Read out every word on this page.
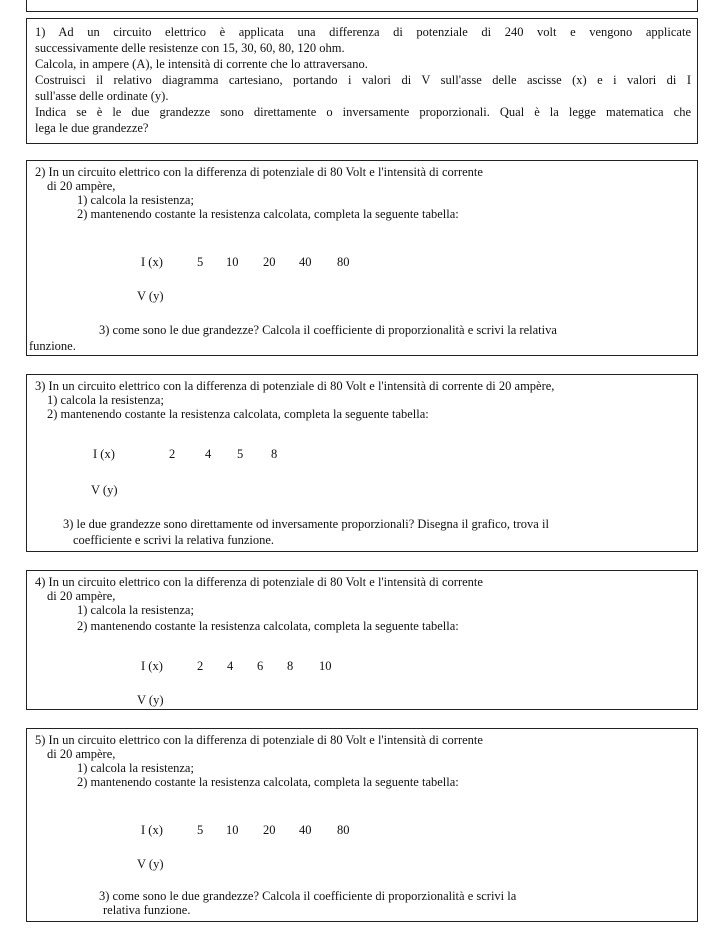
1) Ad un circuito elettrico è applicata una differenza di potenziale di 240 volt e vengono applicate

successivamente delle resistenze con 15, 30, 60, 80, 120 ohm.

Calcola, in ampere (A), le intensità di corrente che lo attraversano.

Costruisci il relativo diagramma cartesiano, portando i valori di V sull'asse delle ascisse (x) e i valori di I

sull'asse delle ordinate (y).

Indica se è le due grandezze sono direttamente o inversamente proporzionali. Qual è la legge matematica che

lega le due grandezze?

2) In un circuito elettrico con la differenza di potenziale di 80 Volt e l'intensità di corrente

di 20 ampère,

1) calcola la resistenza;

2) mantenendo costante la resistenza calcolata, completa la seguente tabella:

I (x)	5 10 20 40 80
V (y)

3) come sono le due grandezze? Calcola il coefficiente di proporzionalità e scrivi la relativa

funzione.

3) In un circuito elettrico con la differenza di potenziale di 80 Volt e l'intensità di corrente di 20 ampère,

1) calcola la resistenza;

2) mantenendo costante la resistenza calcolata, completa la seguente tabella:

I (x)	2 4 5 8
V (y)

3) le due grandezze sono direttamente od inversamente proporzionali? Disegna il grafico, trova il

coefficiente e scrivi la relativa funzione.

4) In un circuito elettrico con la differenza di potenziale di 80 Volt e l'intensità di corrente

di 20 ampère,

1) calcola la resistenza;

2) mantenendo costante la resistenza calcolata, completa la seguente tabella:

I (x)	2 4 6 8 10
V (y)

5) In un circuito elettrico con la differenza di potenziale di 80 Volt e l'intensità di corrente

di 20 ampère,

1) calcola la resistenza;

2) mantenendo costante la resistenza calcolata, completa la seguente tabella:

I (x)	5 10 20 40 80
V (y)

3) come sono le due grandezze? Calcola il coefficiente di proporzionalità e scrivi la

relativa funzione.
